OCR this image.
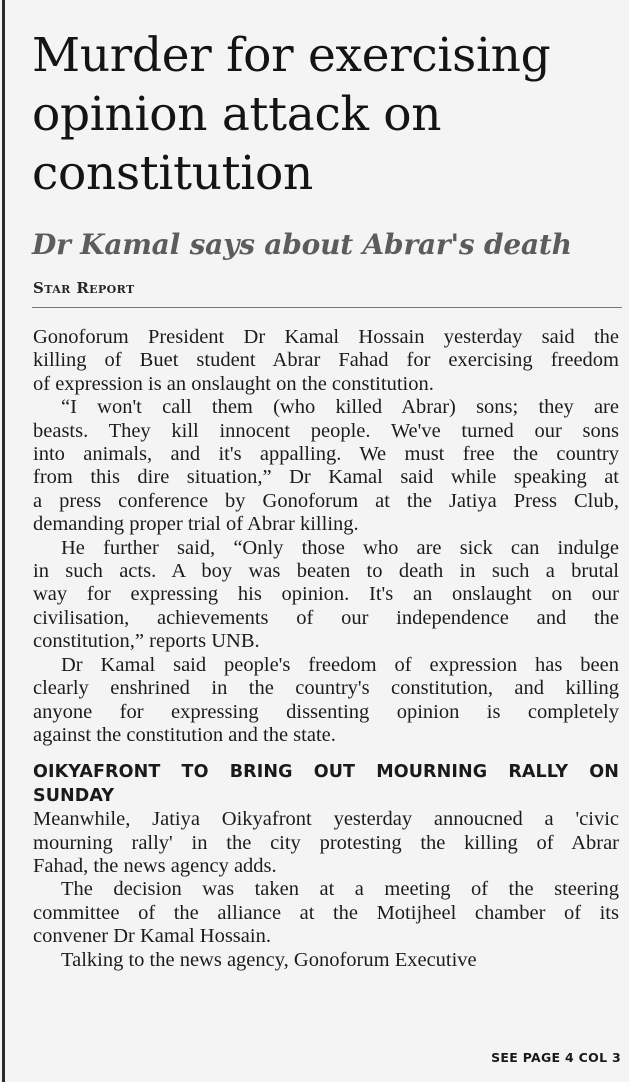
Murder for exercising
opinion attack on
constitution
Dr Kamal says about Abrar's death
Star Report
Gonoforum President Dr Kamal Hossain yesterday said the
killing of Buet student Abrar Fahad for exercising freedom
of expression is an onslaught on the constitution.
“I won't call them (who killed Abrar) sons; they are
beasts. They kill innocent people. We've turned our sons
into animals, and it's appalling. We must free the country
from this dire situation,” Dr Kamal said while speaking at
a press conference by Gonoforum at the Jatiya Press Club,
demanding proper trial of Abrar killing.
He further said, “Only those who are sick can indulge
in such acts. A boy was beaten to death in such a brutal
way for expressing his opinion. It's an onslaught on our
civilisation, achievements of our independence and the
constitution,” reports UNB.
Dr Kamal said people's freedom of expression has been
clearly enshrined in the country's constitution, and killing
anyone for expressing dissenting opinion is completely
against the constitution and the state.
OIKYAFRONT TO BRING OUT MOURNING RALLY ON
SUNDAY
Meanwhile, Jatiya Oikyafront yesterday annoucned a 'civic
mourning rally' in the city protesting the killing of Abrar
Fahad, the news agency adds.
The decision was taken at a meeting of the steering
committee of the alliance at the Motijheel chamber of its
convener Dr Kamal Hossain.
Talking to the news agency, Gonoforum Executive
SEE PAGE 4 COL 3
